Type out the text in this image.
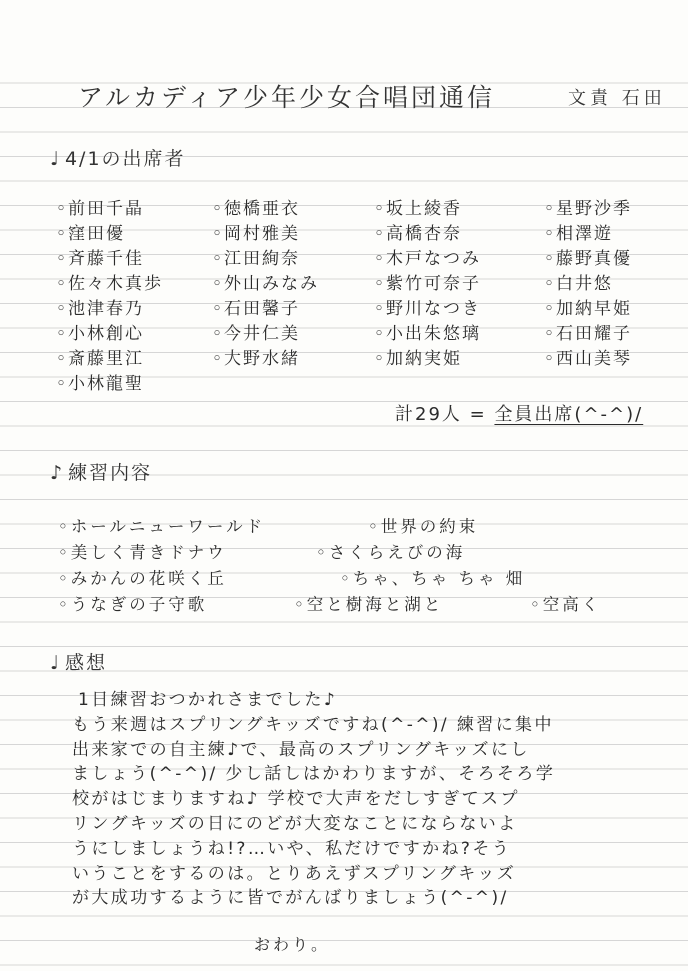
アルカディア少年少女合唱団通信	文責 石田
♩ 4/1の出席者
◦前田千晶	◦徳橋亜衣	◦坂上綾香	◦星野沙季
◦窪田優	◦岡村雅美	◦高橋杏奈	◦相澤遊
◦斉藤千佳	◦江田絢奈	◦木戸なつみ	◦藤野真優
◦佐々木真歩	◦外山みなみ	◦紫竹可奈子	◦白井悠
◦池津春乃	◦石田馨子	◦野川なつき	◦加納早姫
◦小林創心	◦今井仁美	◦小出朱悠璃	◦石田耀子
◦斎藤里江	◦大野水緒	◦加納実姫	◦西山美琴
◦小林龍聖
計29人 = 全員出席(^-^)/
♪ 練習内容
◦ホールニューワールド	◦世界の約束
◦美しく青きドナウ	◦さくらえびの海
◦みかんの花咲く丘	◦ちゃ、ちゃ ちゃ 畑
◦うなぎの子守歌	◦空と樹海と湖と	◦空高く
♩ 感想
1日練習おつかれさまでした♪
もう来週はスプリングキッズですね(^-^)/ 練習に集中
出来家での自主練♪で、最高のスプリングキッズにし
ましょう(^-^)/ 少し話しはかわりますが、そろそろ学
校がはじまりますね♪ 学校で大声をだしすぎてスプ
リングキッズの日にのどが大変なことにならないよ
うにしましょうね!?…いや、私だけですかね?そう
いうことをするのは。とりあえずスプリングキッズ
が大成功するように皆でがんばりましょう(^-^)/
おわり。
